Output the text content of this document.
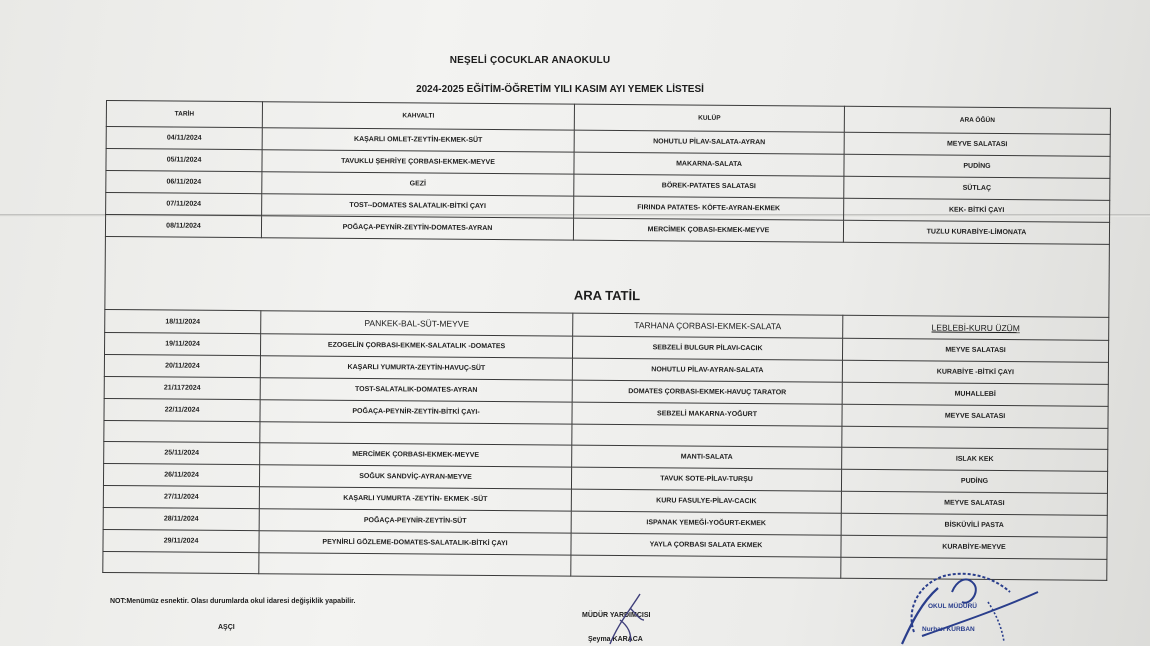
NEŞELİ ÇOCUKLAR ANAOKULU
2024-2025 EĞİTİM-ÖĞRETİM YILI KASIM AYI YEMEK LİSTESİ
TARİH	KAHVALTI	KULÜP	ARA ÖĞÜN
04/11/2024	KAŞARLI OMLET-ZEYTİN-EKMEK-SÜT	NOHUTLU PİLAV-SALATA-AYRAN	MEYVE SALATASI
05/11/2024	TAVUKLU ŞEHRİYE ÇORBASI-EKMEK-MEYVE	MAKARNA-SALATA	PUDİNG
06/11/2024	GEZİ	BÖREK-PATATES SALATASI	SÜTLAÇ
07/11/2024	TOST--DOMATES SALATALIK-BİTKİ ÇAYI	FIRINDA PATATES- KÖFTE-AYRAN-EKMEK	KEK- BİTKİ ÇAYI
08/11/2024	POĞAÇA-PEYNİR-ZEYTİN-DOMATES-AYRAN	MERCİMEK ÇOBASI-EKMEK-MEYVE	TUZLU KURABİYE-LİMONATA
ARA TATİL			
18/11/2024	PANKEK-BAL-SÜT-MEYVE	TARHANA ÇORBASI-EKMEK-SALATA	LEBLEBİ-KURU ÜZÜM
19/11/2024	EZOGELİN ÇORBASI-EKMEK-SALATALIK -DOMATES	SEBZELİ BULGUR PİLAVI-CACIK	MEYVE SALATASI
20/11/2024	KAŞARLI YUMURTA-ZEYTİN-HAVUÇ-SÜT	NOHUTLU PİLAV-AYRAN-SALATA	KURABİYE -BİTKİ ÇAYI
21/1172024	TOST-SALATALIK-DOMATES-AYRAN	DOMATES ÇORBASI-EKMEK-HAVUÇ TARATOR	MUHALLEBİ
22/11/2024	POĞAÇA-PEYNİR-ZEYTİN-BİTKİ ÇAYI-	SEBZELİ MAKARNA-YOĞURT	MEYVE SALATASI

25/11/2024	MERCİMEK ÇORBASI-EKMEK-MEYVE	MANTI-SALATA	ISLAK KEK
26/11/2024	SOĞUK SANDVİÇ-AYRAN-MEYVE	TAVUK SOTE-PİLAV-TURŞU	PUDİNG
27/11/2024	KAŞARLI YUMURTA -ZEYTİN- EKMEK -SÜT	KURU FASULYE-PİLAV-CACIK	MEYVE SALATASI
28/11/2024	POĞAÇA-PEYNİR-ZEYTİN-SÜT	ISPANAK YEMEĞİ-YOĞURT-EKMEK	BİSKÜVİLİ PASTA
29/11/2024	PEYNİRLİ GÖZLEME-DOMATES-SALATALIK-BİTKİ ÇAYI	YAYLA ÇORBASI SALATA EKMEK	KURABİYE-MEYVE

NOT:Menümüz esnektir. Olası durumlarda okul idaresi değişiklik yapabilir.
AŞÇI
MÜDÜR YARDIMCISI
Şeyma KARACA
OKUL MÜDÜRÜ
Nurhan KURBAN
